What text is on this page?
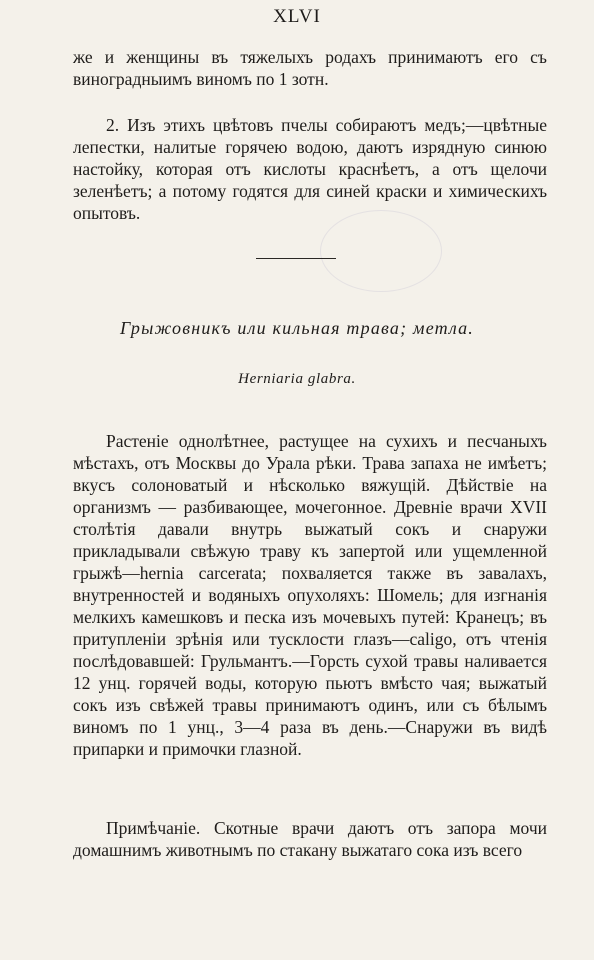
XLVI
же и женщины въ тяжелыхъ родахъ принимаютъ его съ виноградныимъ виномъ по 1 зотн.
2. Изъ этихъ цвѣтовъ пчелы собираютъ медъ;—цвѣтные лепестки, налитые горячею водою, даютъ изрядную синюю настойку, которая отъ кислоты краснѣетъ, а отъ щелочи зеленѣетъ; а потому годятся для синей краски и химическихъ опытовъ.
Грыжовникъ или кильная трава; метла.
Herniaria glabra.
Растеніе однолѣтнее, растущее на сухихъ и песчаныхъ мѣстахъ, отъ Москвы до Урала рѣки. Трава запаха не имѣетъ; вкусъ солоноватый и нѣсколько вяжущій. Дѣйствіе на организмъ — разбивающее, мочегонное. Древніе врачи XVII столѣтія давали внутрь выжатый сокъ и снаружи прикладывали свѣжую траву къ запертой или ущемленной грыжѣ—hernia carcerata; похваляется также въ завалахъ, внутренностей и водяныхъ опухоляхъ: Шомель; для изгнанія мелкихъ камешковъ и песка изъ мочевыхъ путей: Кранецъ; въ притупленіи зрѣнія или тусклости глазъ—caligo, отъ чтенія послѣдовавшей: Грульмантъ.—Горсть сухой травы наливается 12 унц. горячей воды, которую пьютъ вмѣсто чая; выжатый сокъ изъ свѣжей травы принимаютъ одинъ, или съ бѣлымъ виномъ по 1 унц., 3—4 раза въ день.—Снаружи въ видѣ припарки и примочки глазной.
Примѣчаніе. Скотные врачи даютъ отъ запора мочи домашнимъ животнымъ по стакану выжатаго сока изъ всего
